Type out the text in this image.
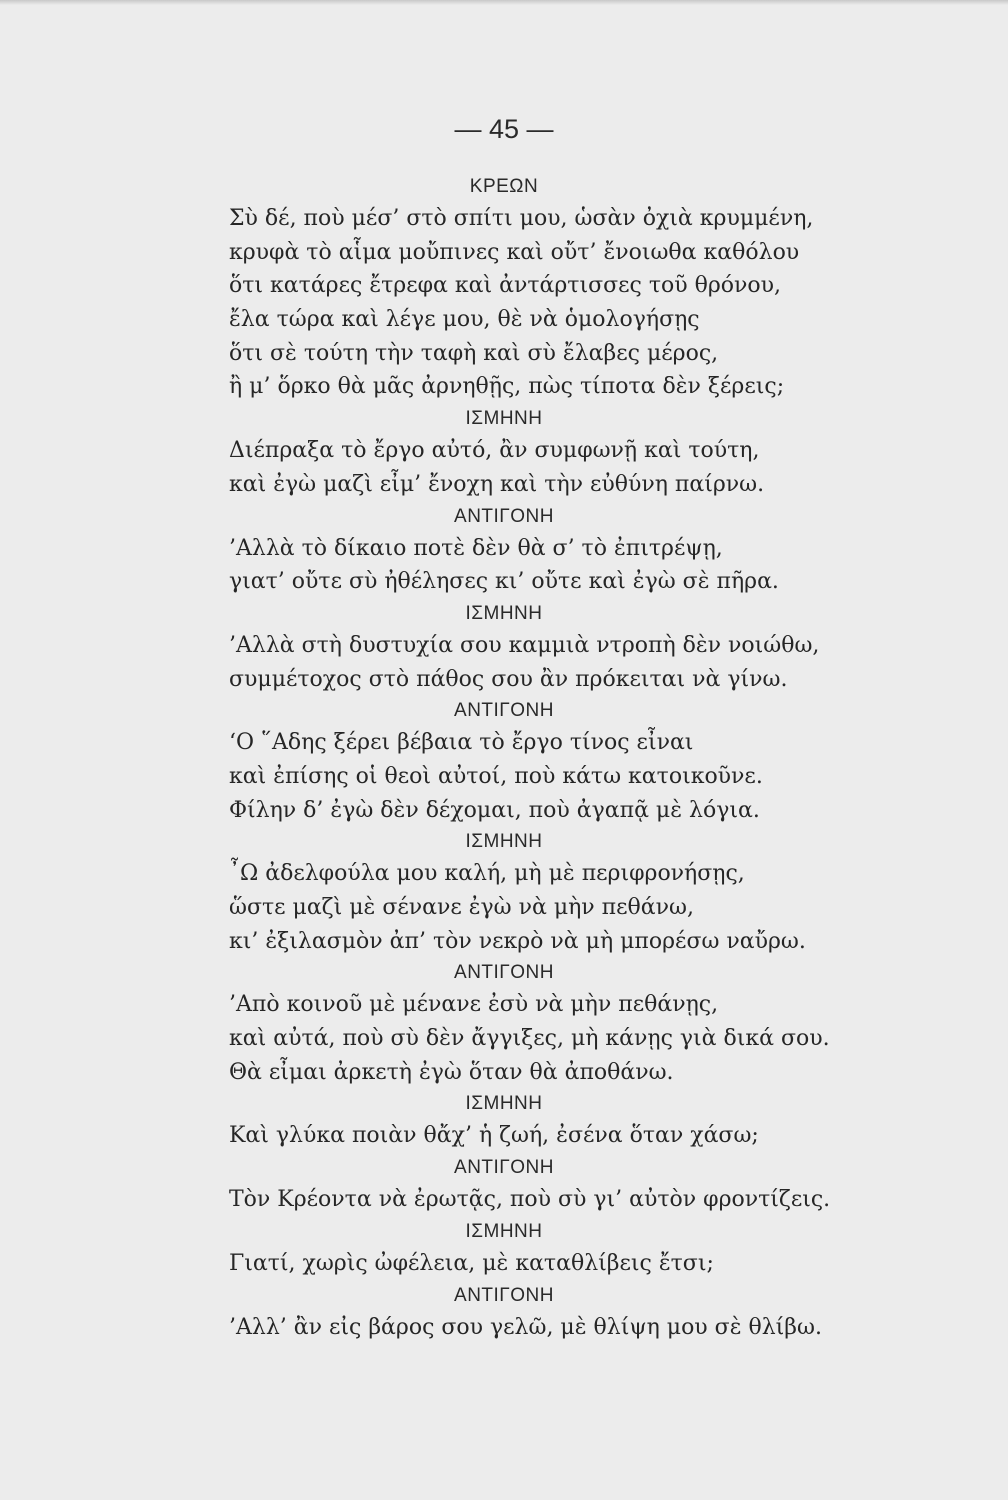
— 45 —
ΚΡΕΩΝ
Σὺ δέ, ποὺ μέσ’ στὸ σπίτι μου, ὡσὰν ὀχιὰ κρυμμένη,
κρυφὰ τὸ αἷμα μοὔπινες καὶ οὔτ’ ἔνοιωθα καθόλου
ὅτι κατάρες ἔτρεφα καὶ ἀντάρτισσες τοῦ θρόνου,
ἔλα τώρα καὶ λέγε μου, θὲ νὰ ὁμολογήσῃς
ὅτι σὲ τούτη τὴν ταφὴ καὶ σὺ ἔλαβες μέρος,
ἢ μ’ ὅρκο θὰ μᾶς ἀρνηθῇς, πὼς τίποτα δὲν ξέρεις;
ΙΣΜΗΝΗ
Διέπραξα τὸ ἔργο αὐτό, ἂν συμφωνῇ καὶ τούτη,
καὶ ἐγὼ μαζὶ εἶμ’ ἔνοχη καὶ τὴν εὐθύνη παίρνω.
ΑΝΤΙΓΟΝΗ
’Αλλὰ τὸ δίκαιο ποτὲ δὲν θὰ σ’ τὸ ἐπιτρέψῃ,
γιατ’ οὔτε σὺ ἠθέλησες κι’ οὔτε καὶ ἐγὼ σὲ πῆρα.
ΙΣΜΗΝΗ
’Αλλὰ στὴ δυστυχία σου καμμιὰ ντροπὴ δὲν νοιώθω,
συμμέτοχος στὸ πάθος σου ἂν πρόκειται νὰ γίνω.
ΑΝΤΙΓΟΝΗ
‘Ο ῞Αδης ξέρει βέβαια τὸ ἔργο τίνος εἶναι
καὶ ἐπίσης οἱ θεοὶ αὐτοί, ποὺ κάτω κατοικοῦνε.
Φίλην δ’ ἐγὼ δὲν δέχομαι, ποὺ ἀγαπᾷ μὲ λόγια.
ΙΣΜΗΝΗ
῏Ω ἀδελφούλα μου καλή, μὴ μὲ περιφρονήσῃς,
ὥστε μαζὶ μὲ σένανε ἐγὼ νὰ μὴν πεθάνω,
κι’ ἐξιλασμὸν ἀπ’ τὸν νεκρὸ νὰ μὴ μπορέσω ναὔρω.
ΑΝΤΙΓΟΝΗ
’Απὸ κοινοῦ μὲ μένανε ἐσὺ νὰ μὴν πεθάνῃς,
καὶ αὐτά, ποὺ σὺ δὲν ἄγγιξες, μὴ κάνῃς γιὰ δικά σου.
Θὰ εἶμαι ἀρκετὴ ἐγὼ ὅταν θὰ ἀποθάνω.
ΙΣΜΗΝΗ
Καὶ γλύκα ποιὰν θἄχ’ ἡ ζωή, ἐσένα ὅταν χάσω;
ΑΝΤΙΓΟΝΗ
Τὸν Κρέοντα νὰ ἐρωτᾷς, ποὺ σὺ γι’ αὐτὸν φροντίζεις.
ΙΣΜΗΝΗ
Γιατί, χωρὶς ὠφέλεια, μὲ καταθλίβεις ἔτσι;
ΑΝΤΙΓΟΝΗ
’Αλλ’ ἂν εἰς βάρος σου γελῶ, μὲ θλίψη μου σὲ θλίβω.
